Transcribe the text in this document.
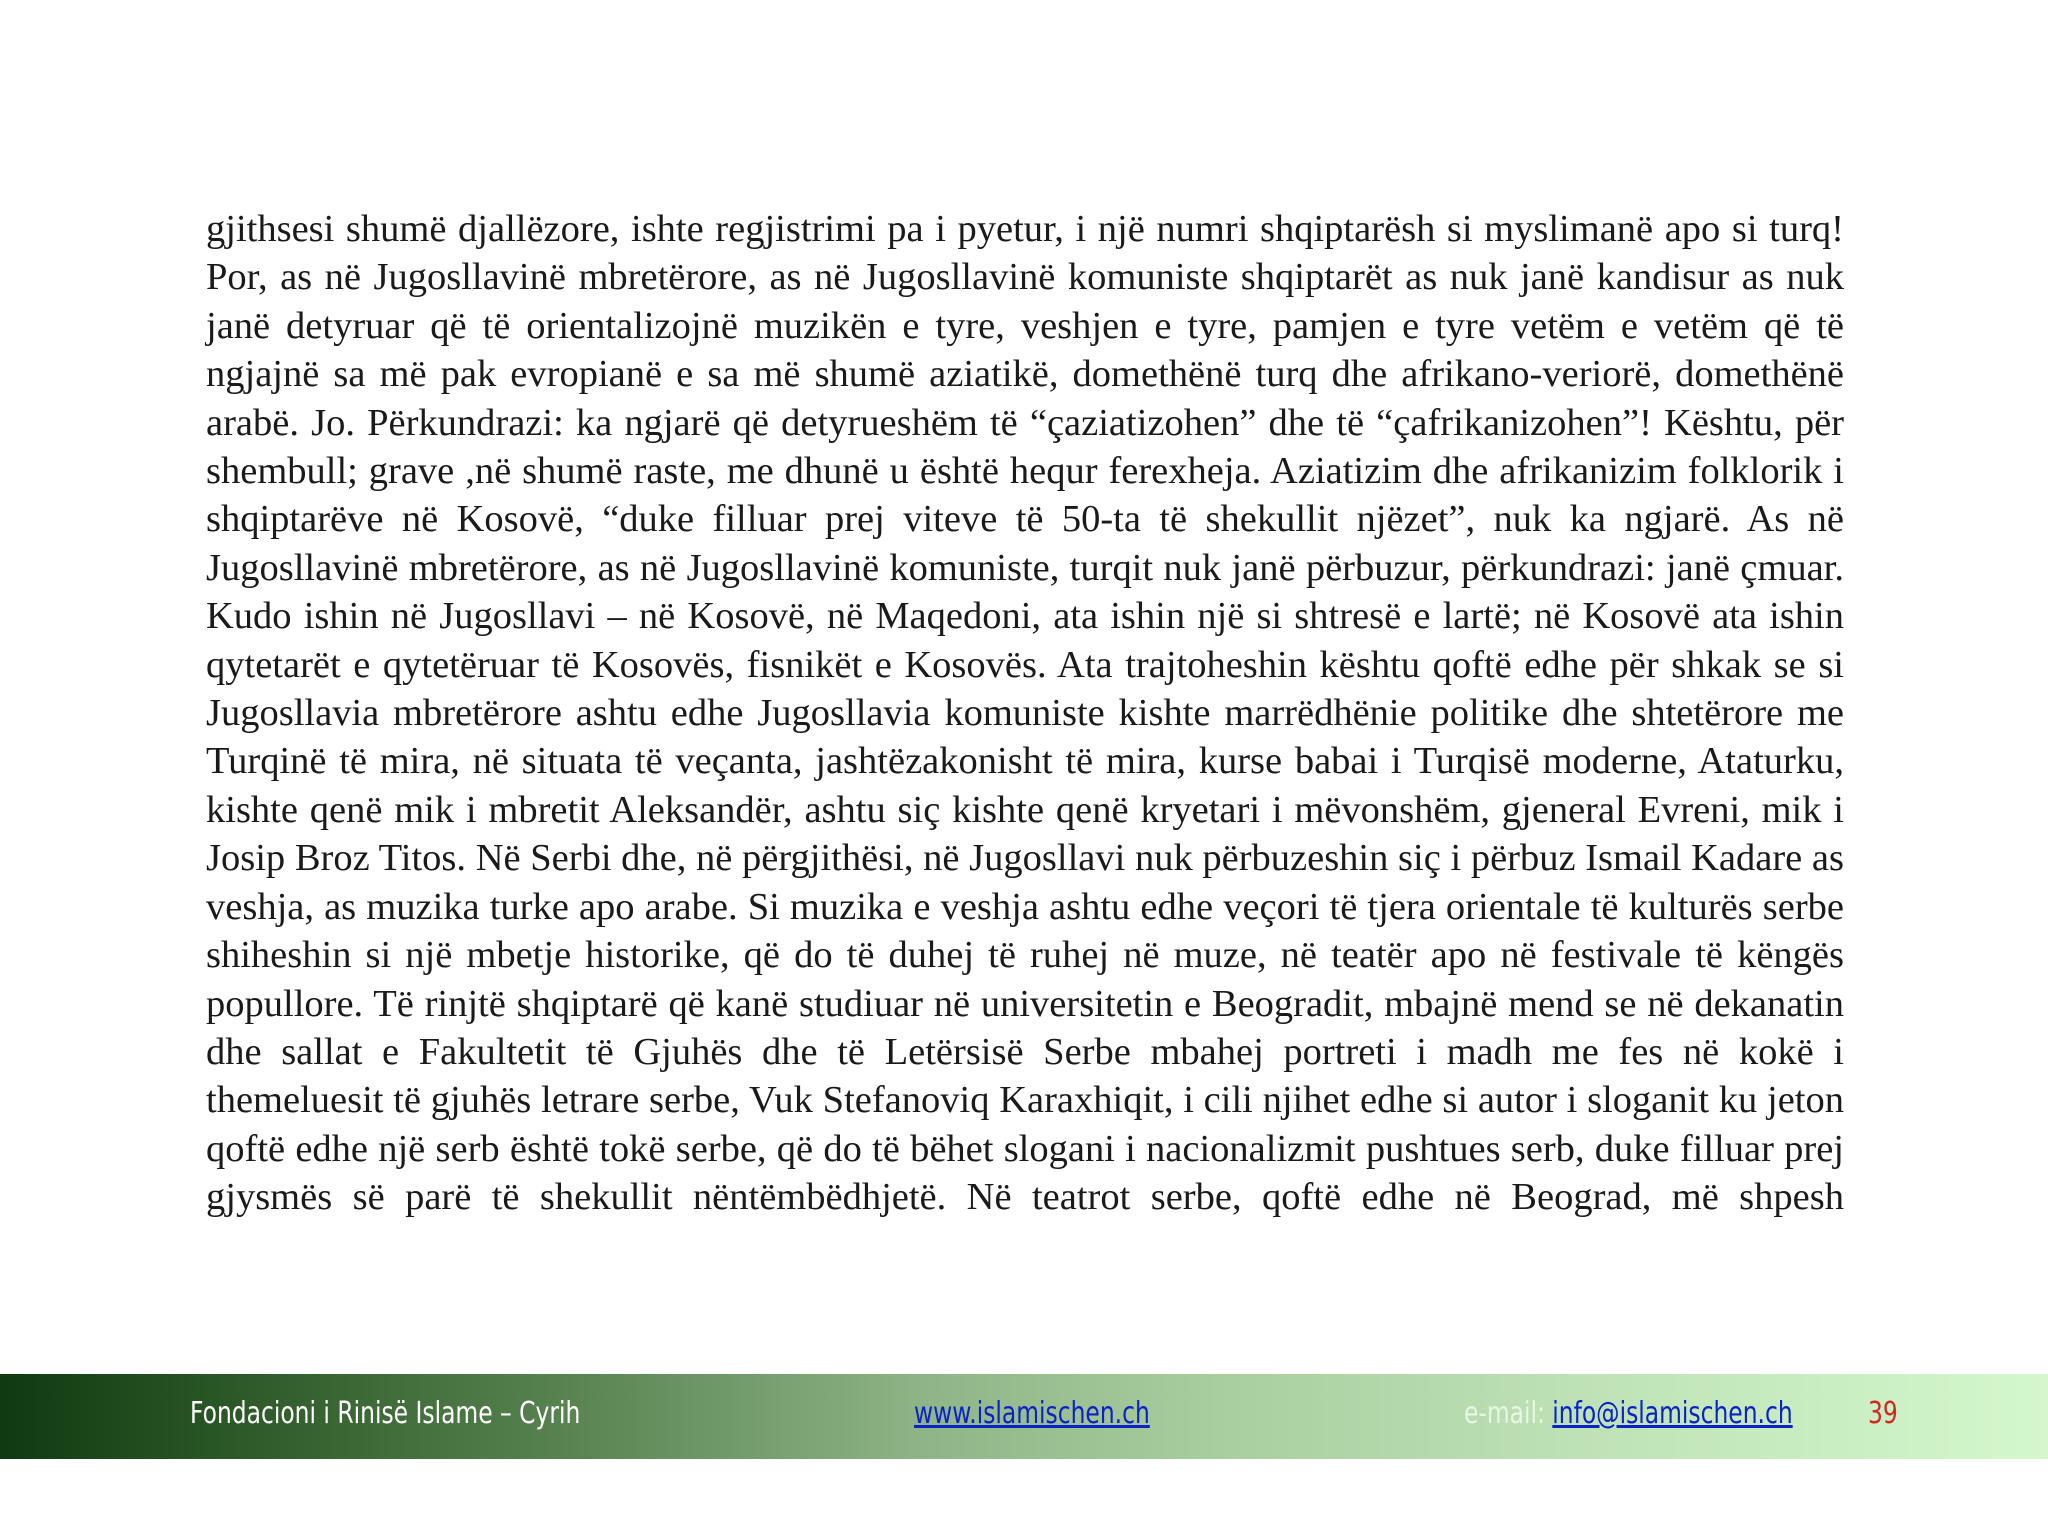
gjithsesi shumë djallëzore, ishte regjistrimi pa i pyetur, i një numri shqiptarësh si myslimanë apo si turq! Por, as në Jugosllavinë mbretërore, as në Jugosllavinë komuniste shqiptarët as nuk janë kandisur as nuk janë detyruar që të orientalizojnë muzikën e tyre, veshjen e tyre, pamjen e tyre vetëm e vetëm që të ngjajnë sa më pak evropianë e sa më shumë aziatikë, domethënë turq dhe afrikano-veriorë, domethënë arabë. Jo. Përkundrazi: ka ngjarë që detyrueshëm të “çaziatizohen” dhe të “çafrikanizohen”! Kështu, për shembull; grave ,në shumë raste, me dhunë u është hequr ferexheja. Aziatizim dhe afrikanizim folklorik i shqiptarëve në Kosovë, “duke filluar prej viteve të 50-ta të shekullit njëzet”, nuk ka ngjarë. As në Jugosllavinë mbretërore, as në Jugosllavinë komuniste, turqit nuk janë përbuzur, përkundrazi: janë çmuar. Kudo ishin në Jugosllavi – në Kosovë, në Maqedoni, ata ishin një si shtresë e lartë; në Kosovë ata ishin qytetarët e qytetëruar të Kosovës, fisnikët e Kosovës. Ata trajtoheshin kështu qoftë edhe për shkak se si Jugosllavia mbretërore ashtu edhe Jugosllavia komuniste kishte marrëdhënie politike dhe shtetërore me Turqinë të mira, në situata të veçanta, jashtëzakonisht të mira, kurse babai i Turqisë moderne, Ataturku, kishte qenë mik i mbretit Aleksandër, ashtu siç kishte qenë kryetari i mëvonshëm, gjeneral Evreni, mik i Josip Broz Titos. Në Serbi dhe, në përgjithësi, në Jugosllavi nuk përbuzeshin siç i përbuz Ismail Kadare as veshja, as muzika turke apo arabe. Si muzika e veshja ashtu edhe veçori të tjera orientale të kulturës serbe shiheshin si një mbetje historike, që do të duhej të ruhej në muze, në teatër apo në festivale të këngës popullore. Të rinjtë shqiptarë që kanë studiuar në universitetin e Beogradit, mbajnë mend se në dekanatin dhe sallat e Fakultetit të Gjuhës dhe të Letërsisë Serbe mbahej portreti i madh me fes në kokë i themeluesit të gjuhës letrare serbe, Vuk Stefanoviq Karaxhiqit, i cili njihet edhe si autor i sloganit ku jeton qoftë edhe një serb është tokë serbe, që do të bëhet slogani i nacionalizmit pushtues serb, duke filluar prej gjysmës së parë të shekullit nëntëmbëdhjetë. Në teatrot serbe, qoftë edhe në Beograd, më shpesh

Fondacioni i Rinisë Islame – Cyrih	www.islamischen.ch	e-mail: info@islamischen.ch	39
